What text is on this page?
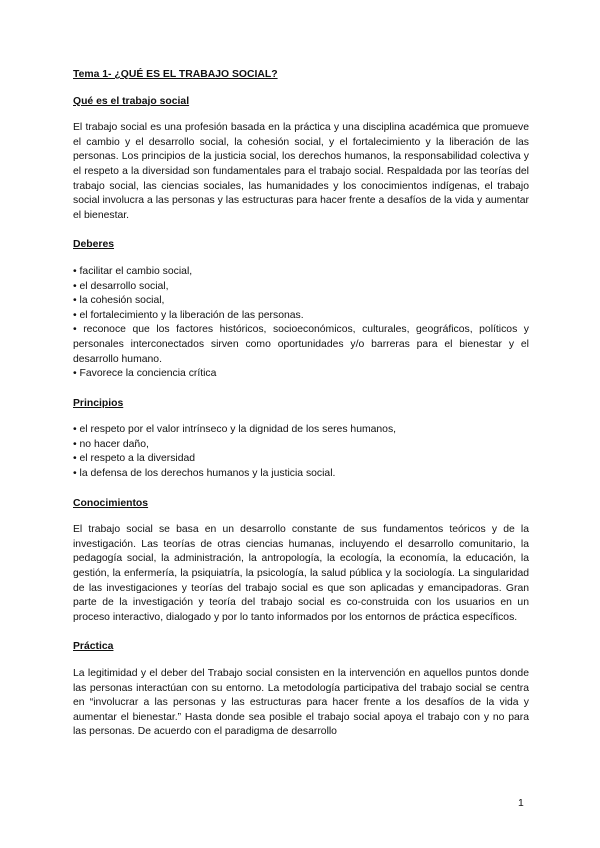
Tema 1- ¿QUÉ ES EL TRABAJO SOCIAL?
Qué es el trabajo social

El trabajo social es una profesión basada en la práctica y una disciplina académica que promueve el cambio y el desarrollo social, la cohesión social, y el fortalecimiento y la liberación de las personas. Los principios de la justicia social, los derechos humanos, la responsabilidad colectiva y el respeto a la diversidad son fundamentales para el trabajo social. Respaldada por las teorías del trabajo social, las ciencias sociales, las humanidades y los conocimientos indígenas, el trabajo social involucra a las personas y las estructuras para hacer frente a desafíos de la vida y aumentar el bienestar.

Deberes
• facilitar el cambio social,
• el desarrollo social,
• la cohesión social,
• el fortalecimiento y la liberación de las personas.
• reconoce que los factores históricos, socioeconómicos, culturales, geográficos, políticos y personales interconectados sirven como oportunidades y/o barreras para el bienestar y el desarrollo humano.
• Favorece la conciencia crítica
Principios
• el respeto por el valor intrínseco y la dignidad de los seres humanos,
• no hacer daño,
• el respeto a la diversidad
• la defensa de los derechos humanos y la justicia social.
Conocimientos

El trabajo social se basa en un desarrollo constante de sus fundamentos teóricos y de la investigación. Las teorías de otras ciencias humanas, incluyendo el desarrollo comunitario, la pedagogía social, la administración, la antropología, la ecología, la economía, la educación, la gestión, la enfermería, la psiquiatría, la psicología, la salud pública y la sociología. La singularidad de las investigaciones y teorías del trabajo social es que son aplicadas y emancipadoras. Gran parte de la investigación y teoría del trabajo social es co-construida con los usuarios en un proceso interactivo, dialogado y por lo tanto informados por los entornos de práctica específicos.

Práctica

La legitimidad y el deber del Trabajo social consisten en la intervención en aquellos puntos donde las personas interactúan con su entorno. La metodología participativa del trabajo social se centra en “involucrar a las personas y las estructuras para hacer frente a los desafíos de la vida y aumentar el bienestar.” Hasta donde sea posible el trabajo social apoya el trabajo con y no para las personas. De acuerdo con el paradigma de desarrollo

1
